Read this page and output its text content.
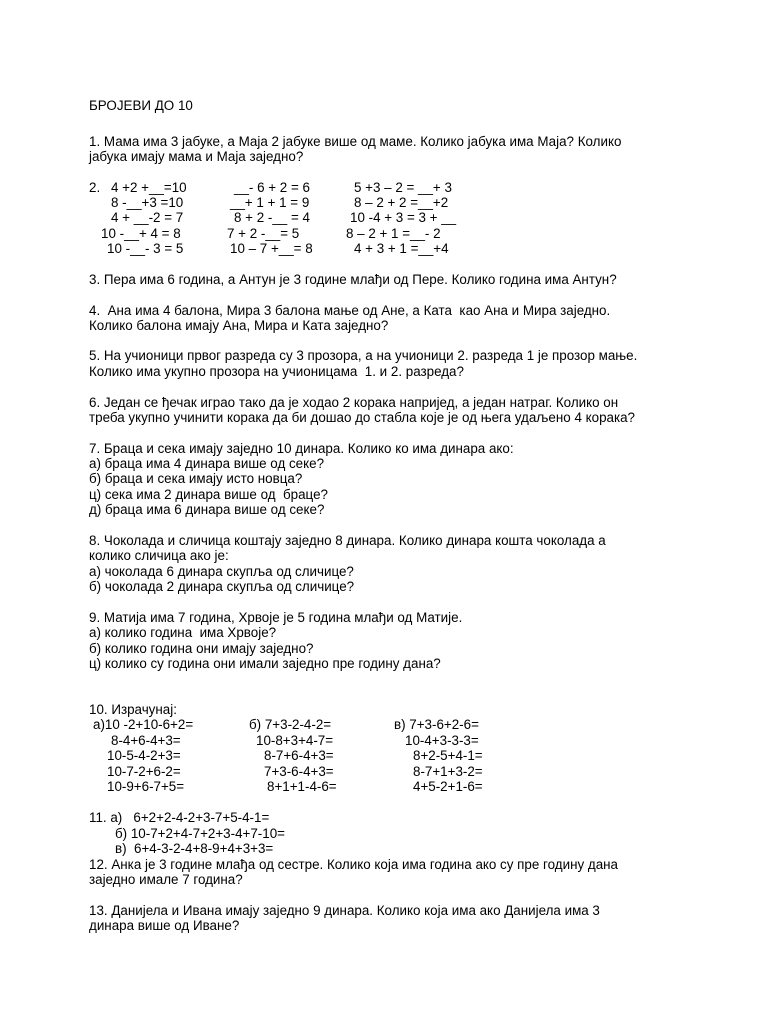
БРОЈЕВИ ДО 10

1. Мама има 3 јабуке, а Маја 2 јабуке више од маме. Колико јабука има Маја? Колико

јабука имају мама и Маја заједно?

2. 4 +2 +__=10

8 -__+3 =10

4 + __-2 = 7

10 -__+ 4 = 8

10 -__- 3 = 5

__- 6 + 2 = 6

__+ 1 + 1 = 9

8 + 2 -__ = 4

7 + 2 -__= 5

10 – 7 +__= 8

5 +3 – 2 = __+ 3

8 – 2 + 2 =__+2

10 -4 + 3 = 3 + __

8 – 2 + 1 =__- 2

4 + 3 + 1 =__+4

3. Пера има 6 година, а Антун је 3 године млађи од Пере. Колико година има Антун?

4.  Ана има 4 балона, Мира 3 балона мање од Ане, а Ката  као Ана и Мира заједно.

Колико балона имају Ана, Мира и Ката заједно?

5. На учионици првог разреда су 3 прозора, а на учионици 2. разреда 1 је прозор мање.

Колико има укупно прозора на учионицама  1. и 2. разреда?

6. Један се ђечак играо тако да је ходао 2 корака напријед, а један натраг. Колико он

треба укупно учинити корака да би дошао до стабла које је од њега удаљено 4 корака?

7. Браца и сека имају заједно 10 динара. Колико ко има динара ако:

а) браца има 4 динара више од секе?

б) браца и сека имају исто новца?

ц) сека има 2 динара више од  браце?

д) браца има 6 динара више од секе?

8. Чоколада и сличица коштају заједно 8 динара. Колико динара кошта чоколада а

колико сличица ако је:

а) чоколада 6 динара скупља од сличице?

б) чоколада 2 динара скупља од сличице?

9. Матија има 7 година, Хрвоје је 5 година млађи од Матије.

а) колико година  има Хрвоје?

б) колико година они имају заједно?

ц) колико су година они имали заједно пре годину дана?

10. Израчунај:

а)10 -2+10-6+2=

8-4+6-4+3=

10-5-4-2+3=

10-7-2+6-2=

10-9+6-7+5=

б) 7+3-2-4-2=

10-8+3+4-7=

8-7+6-4+3=

7+3-6-4+3=

8+1+1-4-6=

в) 7+3-6+2-6=

10-4+3-3-3=

8+2-5+4-1=

8-7+1+3-2=

4+5-2+1-6=

11. а)   6+2+2-4-2+3-7+5-4-1=

б) 10-7+2+4-7+2+3-4+7-10=

в)  6+4-3-2-4+8-9+4+3+3=

12. Анка је 3 године млађа од сестре. Колико која има година ако су пре годину дана

заједно имале 7 година?

13. Данијела и Ивана имају заједно 9 динара. Колико која има ако Данијела има 3

динара више од Иване?
